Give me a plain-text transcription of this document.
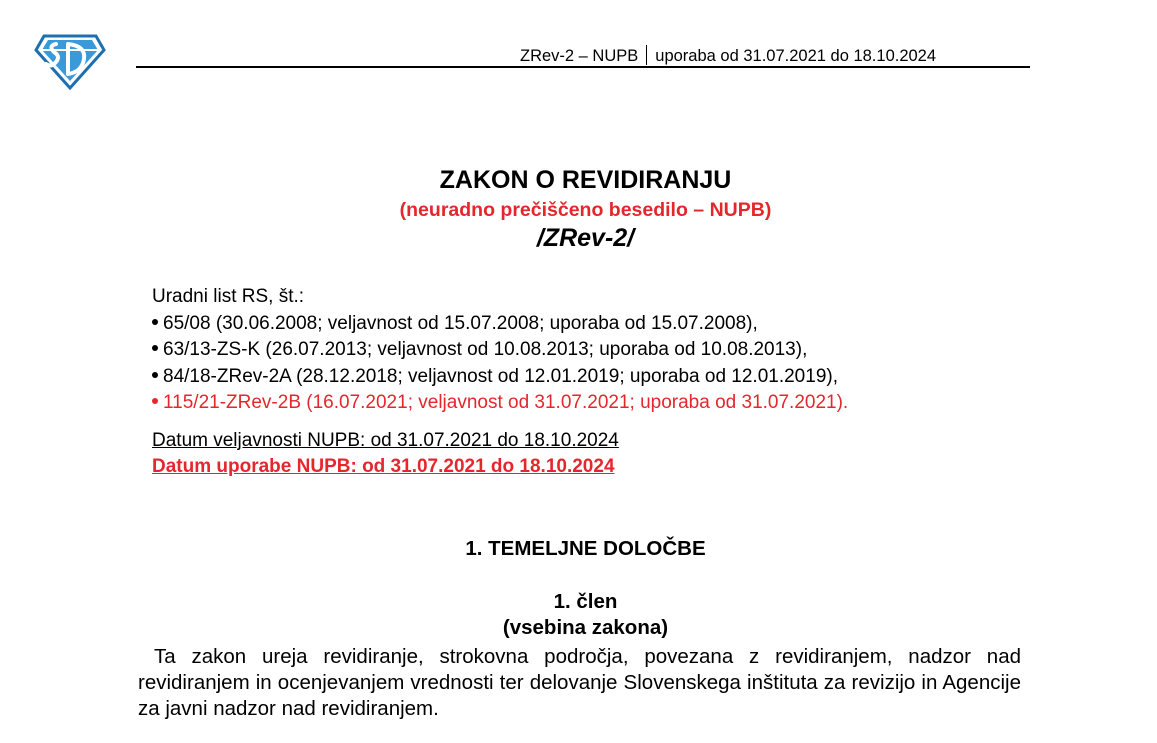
ZRev-2 – NUPB uporaba od 31.07.2021 do 18.10.2024
ZAKON O REVIDIRANJU
(neuradno prečiščeno besedilo – NUPB)
/ZRev-2/
Uradni list RS, št.:
65/08 (30.06.2008; veljavnost od 15.07.2008; uporaba od 15.07.2008),
63/13-ZS-K (26.07.2013; veljavnost od 10.08.2013; uporaba od 10.08.2013),
84/18-ZRev-2A (28.12.2018; veljavnost od 12.01.2019; uporaba od 12.01.2019),
115/21-ZRev-2B (16.07.2021; veljavnost od 31.07.2021; uporaba od 31.07.2021).
Datum veljavnosti NUPB: od 31.07.2021 do 18.10.2024
Datum uporabe NUPB: od 31.07.2021 do 18.10.2024
1. TEMELJNE DOLOČBE
1. člen
(vsebina zakona)
Ta zakon ureja revidiranje, strokovna področja, povezana z revidiranjem, nadzor nad revidiranjem in ocenjevanjem vrednosti ter delovanje Slovenskega inštituta za revizijo in Agencije za javni nadzor nad revidiranjem.
